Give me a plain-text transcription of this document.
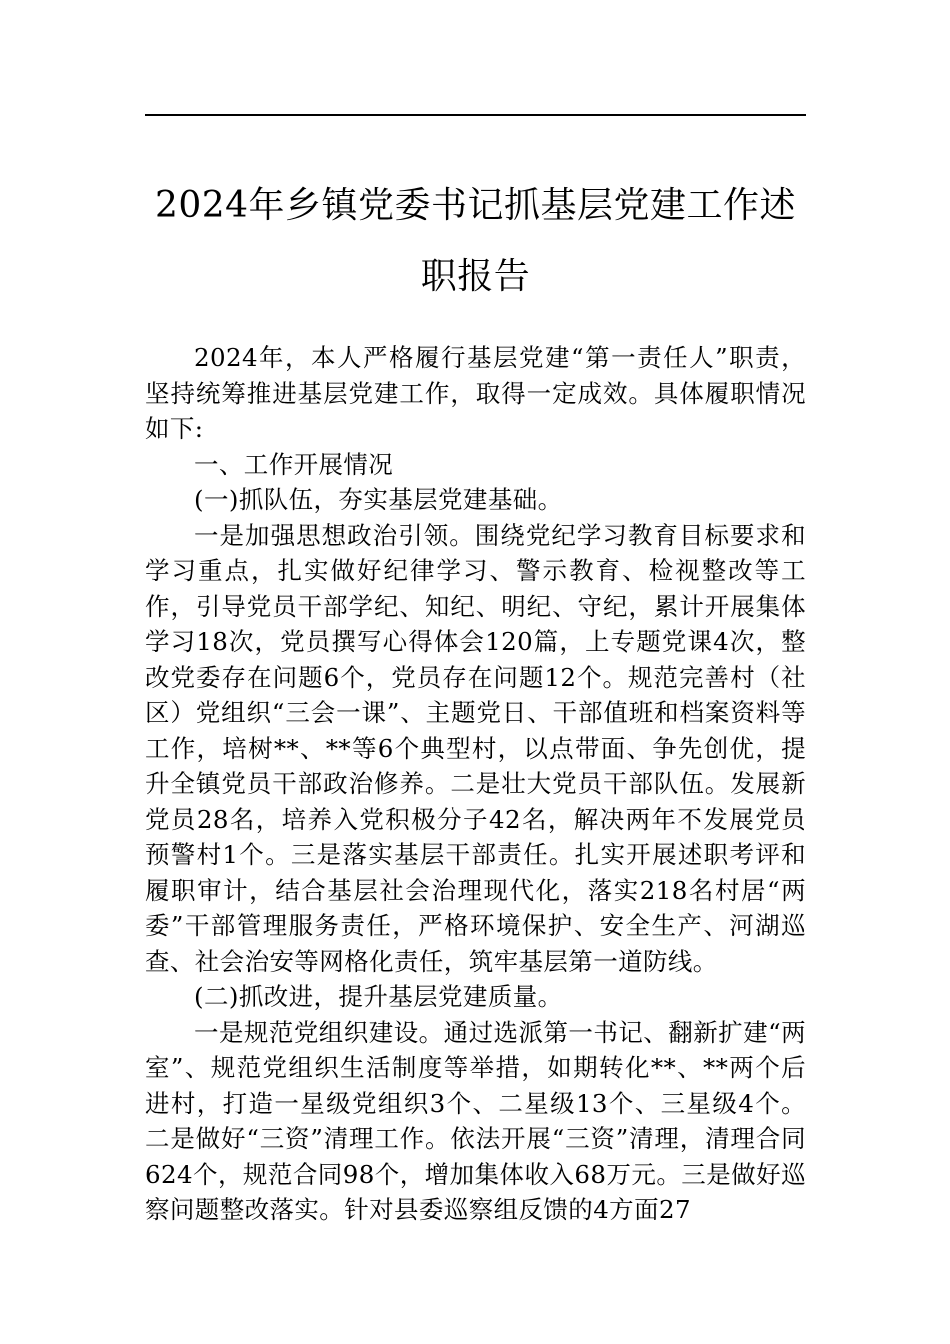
2024年乡镇党委书记抓基层党建工作述职报告

2024年，本人严格履行基层党建“第一责任人”职责，坚持统筹推进基层党建工作，取得一定成效。具体履职情况如下:

一、工作开展情况

(一)抓队伍，夯实基层党建基础。

一是加强思想政治引领。围绕党纪学习教育目标要求和学习重点，扎实做好纪律学习、警示教育、检视整改等工作，引导党员干部学纪、知纪、明纪、守纪，累计开展集体学习18次，党员撰写心得体会120篇，上专题党课4次，整改党委存在问题6个，党员存在问题12个。规范完善村（社区）党组织“三会一课”、主题党日、干部值班和档案资料等工作，培树**、**等6个典型村，以点带面、争先创优，提升全镇党员干部政治修养。二是壮大党员干部队伍。发展新党员28名，培养入党积极分子42名，解决两年不发展党员预警村1个。三是落实基层干部责任。扎实开展述职考评和履职审计，结合基层社会治理现代化，落实218名村居“两委”干部管理服务责任，严格环境保护、安全生产、河湖巡查、社会治安等网格化责任，筑牢基层第一道防线。

(二)抓改进，提升基层党建质量。

一是规范党组织建设。通过选派第一书记、翻新扩建“两室”、规范党组织生活制度等举措，如期转化**、**两个后进村，打造一星级党组织3个、二星级13个、三星级4个。二是做好“三资”清理工作。依法开展“三资”清理，清理合同624个，规范合同98个，增加集体收入68万元。三是做好巡察问题整改落实。针对县委巡察组反馈的4方面27
